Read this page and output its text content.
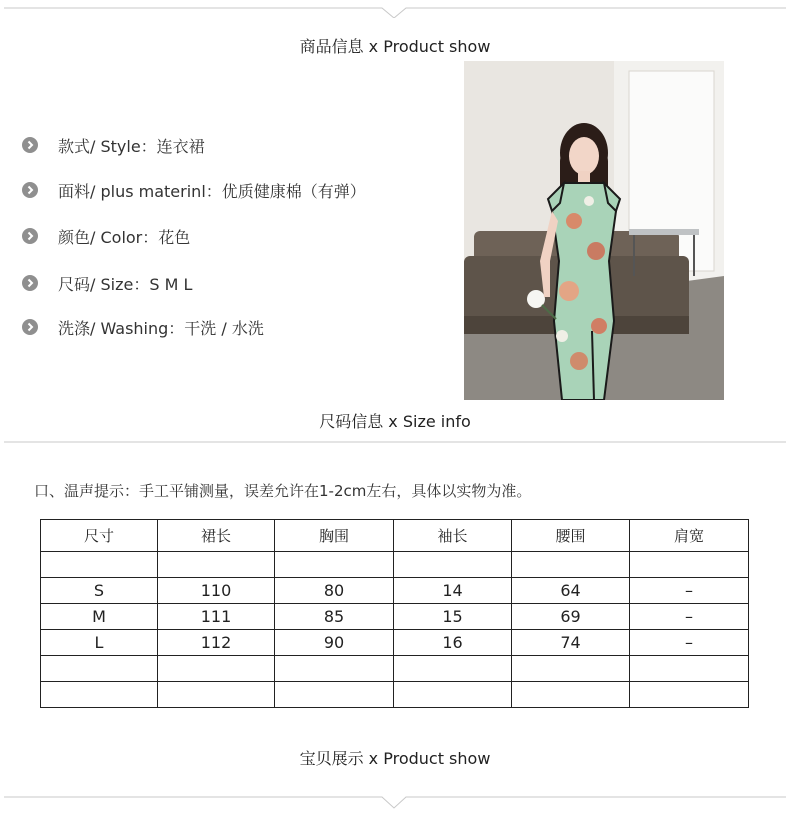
商品信息 x Product show
款式/ Style：连衣裙
面料/ plus materinl：优质健康棉（有弹）
颜色/ Color：花色
尺码/ Size：S M L
洗涤/ Washing：干洗 / 水洗
尺码信息 x Size info
口、温声提示：手工平铺测量，误差允许在1-2cm左右，具体以实物为准。
尺寸	裙长	胸围	袖长	腰围	肩宽

S	110	80	14	64	–
M	111	85	15	69	–
L	112	90	16	74	–

宝贝展示 x Product show
